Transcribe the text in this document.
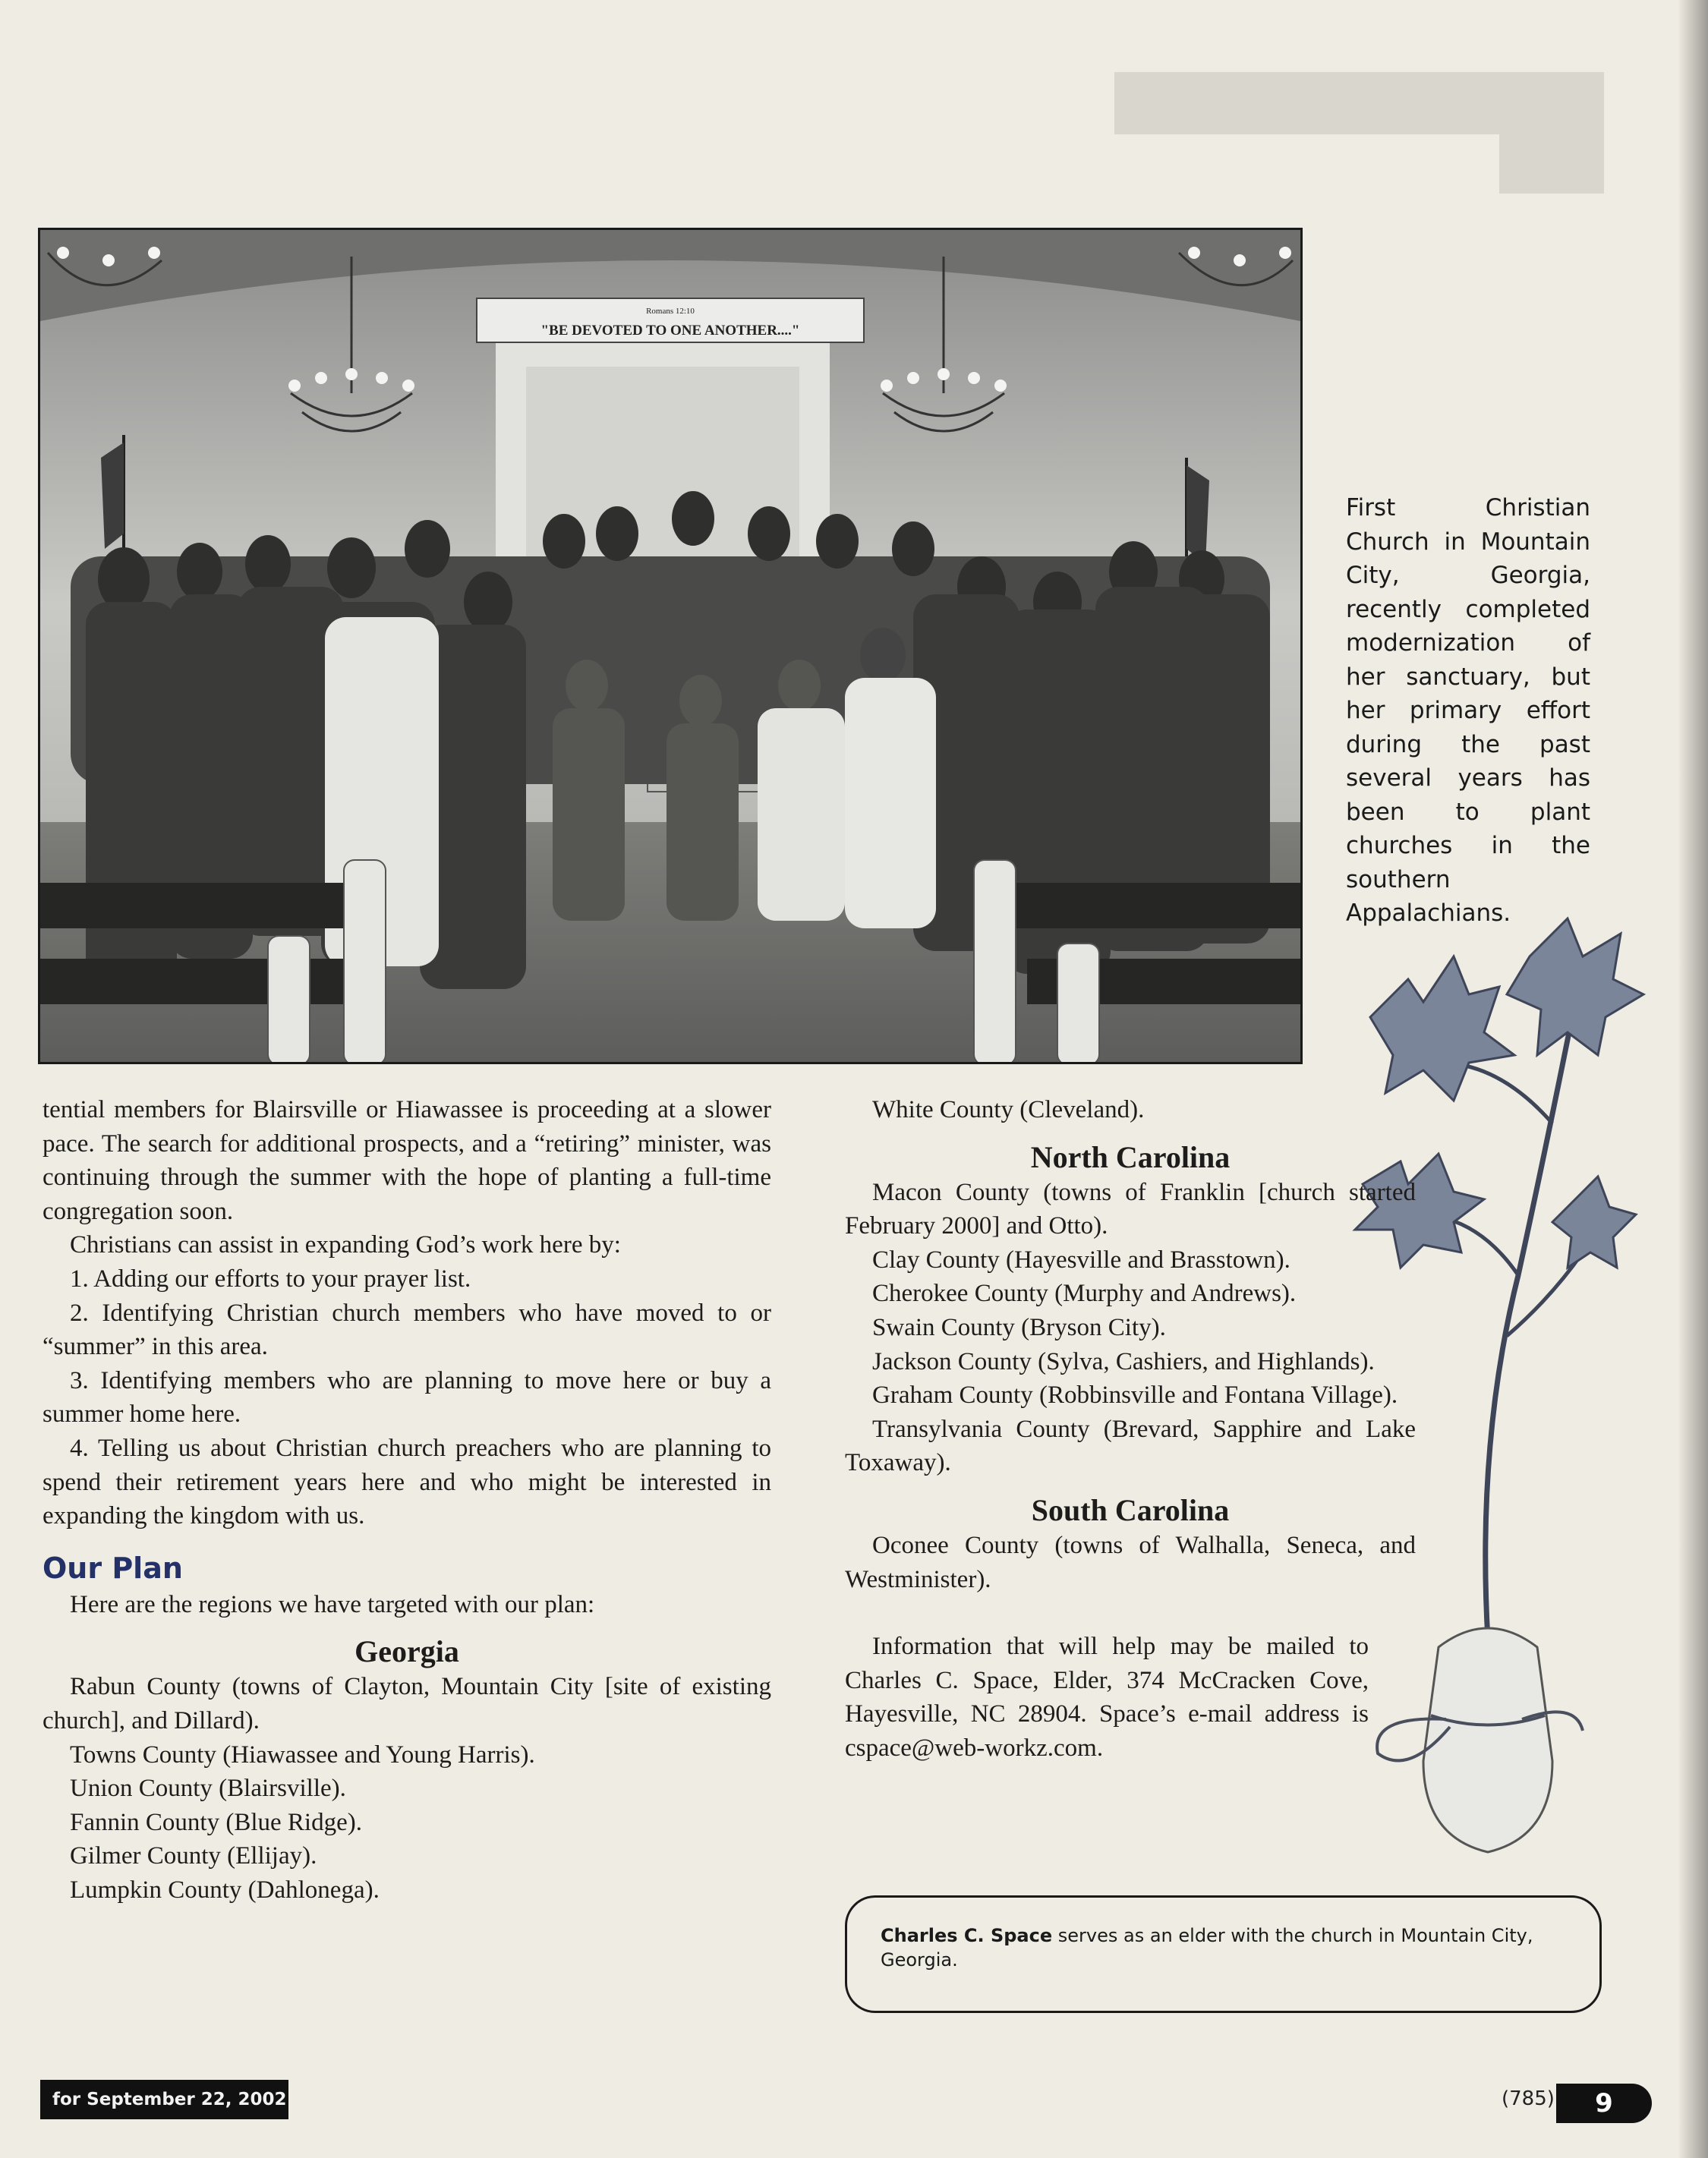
Romans 12:10
"BE DEVOTED TO ONE ANOTHER...."
First Christian Church in Mountain City, Georgia, recently completed modernization of her sanctuary, but her primary effort during the past several years has been to plant churches in the southern Appalachians.

tential members for Blairsville or Hiawassee is proceeding at a slower pace. The search for additional prospects, and a “retiring” minister, was continuing through the summer with the hope of planting a full-time congregation soon.

Christians can assist in expanding God’s work here by:

1. Adding our efforts to your prayer list.

2. Identifying Christian church members who have moved to or “summer” in this area.

3. Identifying members who are planning to move here or buy a summer home here.

4. Telling us about Christian church preachers who are planning to spend their retirement years here and who might be interested in expanding the kingdom with us.

Our Plan

Here are the regions we have targeted with our plan:

Georgia

Rabun County (towns of Clayton, Mountain City [site of existing church], and Dillard).

Towns County (Hiawassee and Young Harris).

Union County (Blairsville).

Fannin County (Blue Ridge).

Gilmer County (Ellijay).

Lumpkin County (Dahlonega).

White County (Cleveland).

North Carolina

Macon County (towns of Franklin [church started February 2000] and Otto).

Clay County (Hayesville and Brasstown).

Cherokee County (Murphy and Andrews).

Swain County (Bryson City).

Jackson County (Sylva, Cashiers, and Highlands).

Graham County (Robbinsville and Fontana Village).

Transylvania County (Brevard, Sapphire and Lake Toxaway).

South Carolina

Oconee County (towns of Walhalla, Seneca, and Westminister).

Information that will help may be mailed to Charles C. Space, Elder, 374 McCracken Cove, Hayesville, NC 28904. Space’s e-mail address is cspace@web-workz.com.

Charles C. Space serves as an elder with the church in Mountain City, Georgia.
for September 22, 2002	(785)	9
